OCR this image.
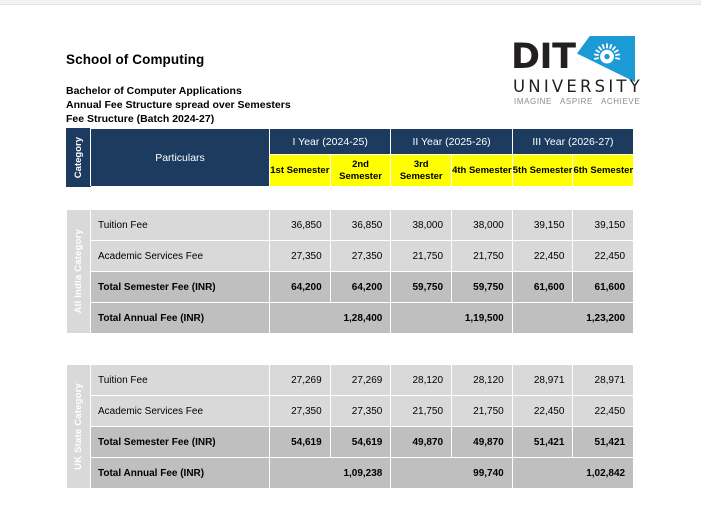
School of Computing
Bachelor of Computer Applications
Annual Fee Structure spread over Semesters
Fee Structure (Batch 2024-27)
DIT
UNIVERSITY
IMAGINE ASPIRE ACHIEVE
Category	Particulars	I Year (2024-25)		II Year (2025-26)		III Year (2026-27)	
		1st Semester	2nd Semester	3rd Semester	4th Semester	5th Semester	6th Semester
All India Category	Tuition Fee	36,850	36,850	38,000	38,000	39,150	39,150
	Academic Services Fee	27,350	27,350	21,750	21,750	22,450	22,450
	Total Semester Fee (INR)	64,200	64,200	59,750	59,750	61,600	61,600
	Total Annual Fee (INR)	1,28,400		1,19,500		1,23,200	
UK State Category	Tuition Fee	27,269	27,269	28,120	28,120	28,971	28,971
	Academic Services Fee	27,350	27,350	21,750	21,750	22,450	22,450
	Total Semester Fee (INR)	54,619	54,619	49,870	49,870	51,421	51,421
	Total Annual Fee (INR)	1,09,238		99,740		1,02,842	
